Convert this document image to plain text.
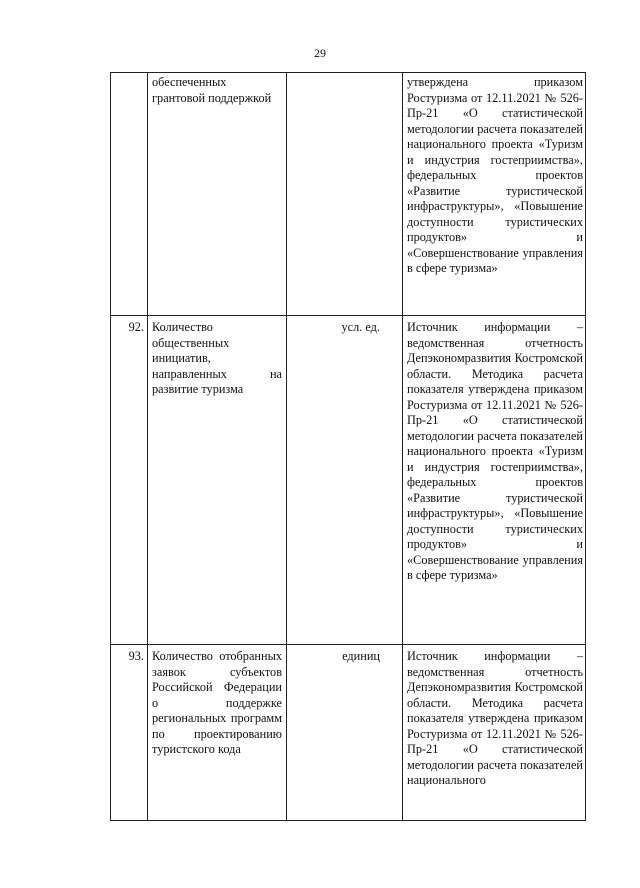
29

	обеспеченных грантовой поддержкой		утверждена приказом Ростуризма от 12.11.2021 № 526-Пр-21 «О статистической методологии расчета показателей национального проекта «Туризм и индустрия гостеприимства», федеральных проектов «Развитие туристической инфраструктуры», «Повышение доступности туристических продуктов» и «Совершенствование управления в сфере туризма»

92.	Количество общественных инициатив, направленных на развитие туризма	усл. ед.	Источник информации – ведомственная отчетность Депэкономразвития Костромской области. Методика расчета показателя утверждена приказом Ростуризма от 12.11.2021 № 526-Пр-21 «О статистической методологии расчета показателей национального проекта «Туризм и индустрия гостеприимства», федеральных проектов «Развитие туристической инфраструктуры», «Повышение доступности туристических продуктов» и «Совершенствование управления в сфере туризма»

93.	Количество отобранных заявок субъектов Российской Федерации о поддержке региональных программ по проектированию туристского кода	единиц	Источник информации – ведомственная отчетность Депэкономразвития Костромской области. Методика расчета показателя утверждена приказом Ростуризма от 12.11.2021 № 526-Пр-21 «О статистической методологии расчета показателей национального
